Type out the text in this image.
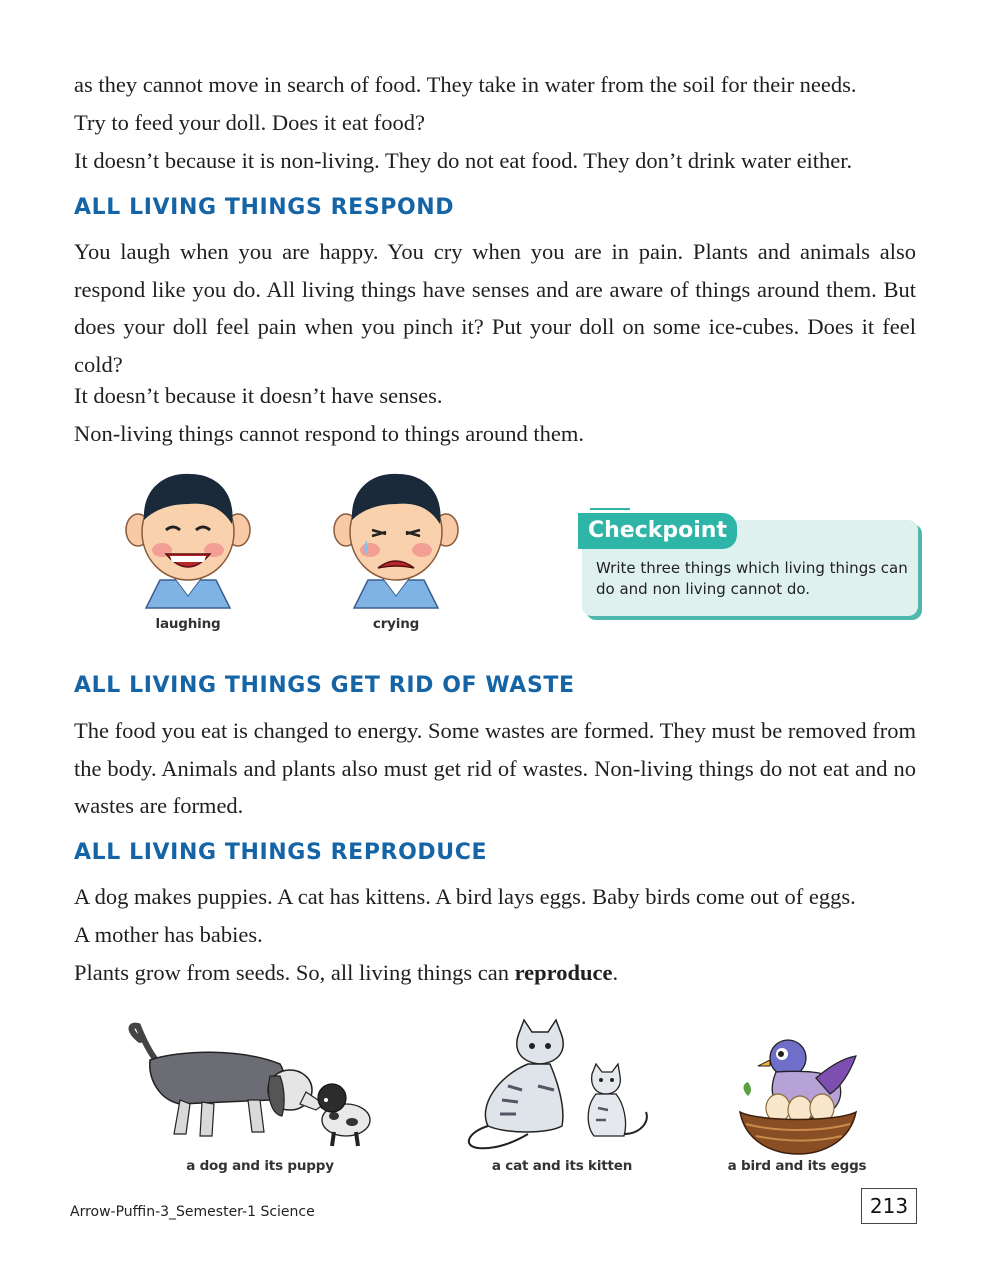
as they cannot move in search of food. They take in water from the soil for their needs.

Try to feed your doll. Does it eat food?

It doesn’t because it is non-living. They do not eat food. They don’t drink water either.

ALL LIVING THINGS RESPOND

You laugh when you are happy. You cry when you are in pain. Plants and animals also respond like you do. All living things have senses and are aware of things around them. But does your doll feel pain when you pinch it? Put your doll on some ice-cubes. Does it feel cold?

It doesn’t because it doesn’t have senses.

Non-living things cannot respond to things around them.

laughing	crying
Checkpoint

Write three things which living things can do and non living cannot do.

ALL LIVING THINGS GET RID OF WASTE

The food you eat is changed to energy. Some wastes are formed. They must be removed from the body. Animals and plants also must get rid of wastes. Non-living things do not eat and no wastes are formed.

ALL LIVING THINGS REPRODUCE

A dog makes puppies. A cat has kittens. A bird lays eggs. Baby birds come out of eggs. A mother has babies.

Plants grow from seeds. So, all living things can reproduce.

a dog and its puppy	a cat and its kitten	a bird and its eggs
Arrow-Puffin-3_Semester-1 Science	213
